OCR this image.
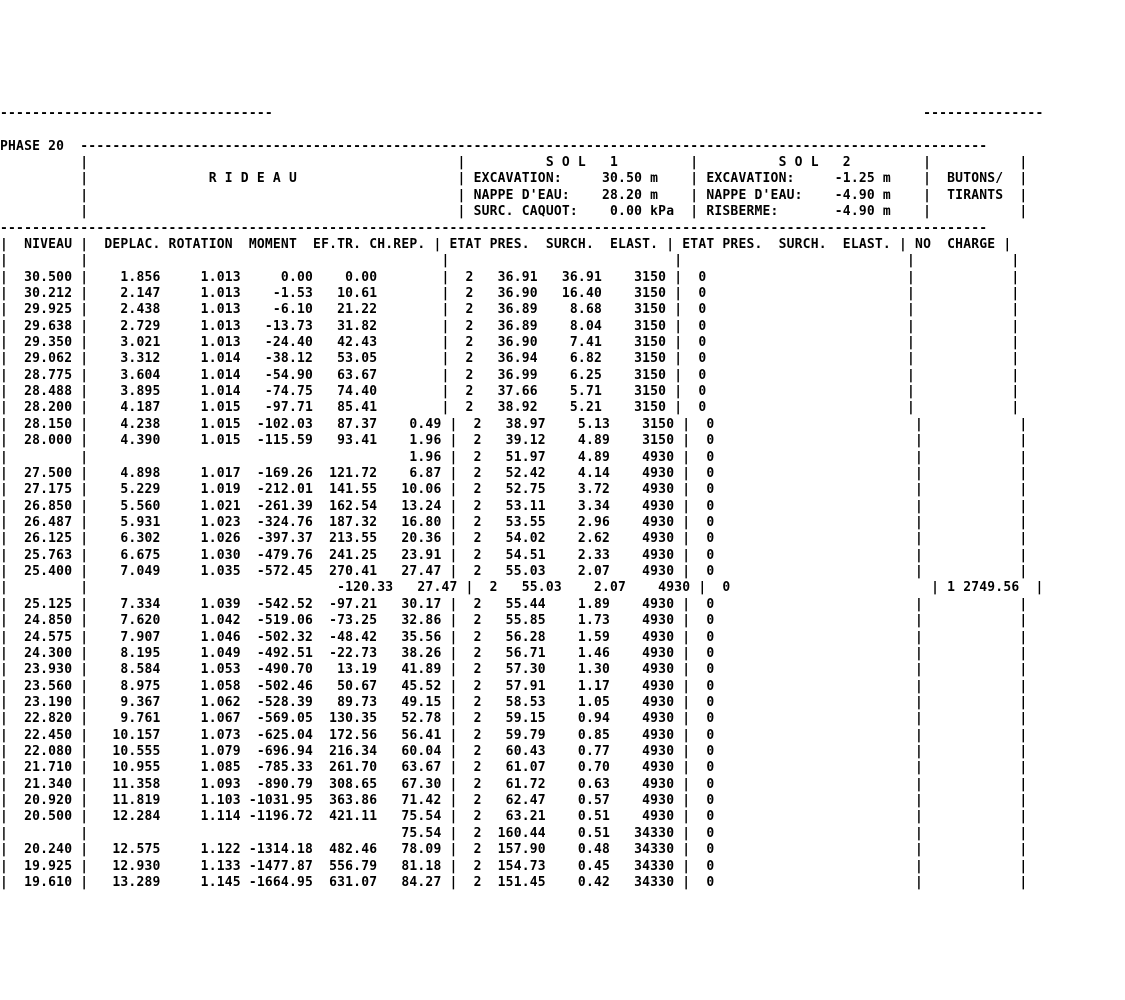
----------------------------------                                                                                 ---------------

PHASE 20  -----------------------------------------------------------------------------------------------------------------
|                                              |          S O L   1         |          S O L   2         |           |
|               R I D E A U                    | EXCAVATION:     30.50 m    | EXCAVATION:     -1.25 m    |  BUTONS/  |
|                                              | NAPPE D'EAU:    28.20 m    | NAPPE D'EAU:    -4.90 m    |  TIRANTS  |
|                                              | SURC. CAQUOT:    0.00 kPa  | RISBERME:       -4.90 m    |           |
---------------------------------------------------------------------------------------------------------------------------
|  NIVEAU |  DEPLAC. ROTATION  MOMENT  EF.TR. CH.REP. | ETAT PRES.  SURCH.  ELAST. | ETAT PRES.  SURCH.  ELAST. | NO  CHARGE |
|         |                                            |                            |                            |            |
|  30.500 |    1.856     1.013     0.00    0.00        |  2   36.91   36.91    3150 |  0                         |            |
|  30.212 |    2.147     1.013    -1.53   10.61        |  2   36.90   16.40    3150 |  0                         |            |
|  29.925 |    2.438     1.013    -6.10   21.22        |  2   36.89    8.68    3150 |  0                         |            |
|  29.638 |    2.729     1.013   -13.73   31.82        |  2   36.89    8.04    3150 |  0                         |            |
|  29.350 |    3.021     1.013   -24.40   42.43        |  2   36.90    7.41    3150 |  0                         |            |
|  29.062 |    3.312     1.014   -38.12   53.05        |  2   36.94    6.82    3150 |  0                         |            |
|  28.775 |    3.604     1.014   -54.90   63.67        |  2   36.99    6.25    3150 |  0                         |            |
|  28.488 |    3.895     1.014   -74.75   74.40        |  2   37.66    5.71    3150 |  0                         |            |
|  28.200 |    4.187     1.015   -97.71   85.41        |  2   38.92    5.21    3150 |  0                         |            |
|  28.150 |    4.238     1.015  -102.03   87.37    0.49 |  2   38.97    5.13    3150 |  0                         |            |
|  28.000 |    4.390     1.015  -115.59   93.41    1.96 |  2   39.12    4.89    3150 |  0                         |            |
|         |                                        1.96 |  2   51.97    4.89    4930 |  0                         |            |
|  27.500 |    4.898     1.017  -169.26  121.72    6.87 |  2   52.42    4.14    4930 |  0                         |            |
|  27.175 |    5.229     1.019  -212.01  141.55   10.06 |  2   52.75    3.72    4930 |  0                         |            |
|  26.850 |    5.560     1.021  -261.39  162.54   13.24 |  2   53.11    3.34    4930 |  0                         |            |
|  26.487 |    5.931     1.023  -324.76  187.32   16.80 |  2   53.55    2.96    4930 |  0                         |            |
|  26.125 |    6.302     1.026  -397.37  213.55   20.36 |  2   54.02    2.62    4930 |  0                         |            |
|  25.763 |    6.675     1.030  -479.76  241.25   23.91 |  2   54.51    2.33    4930 |  0                         |            |
|  25.400 |    7.049     1.035  -572.45  270.41   27.47 |  2   55.03    2.07    4930 |  0                         |            |
|         |                               -120.33   27.47 |  2   55.03    2.07    4930 |  0                         | 1 2749.56  |
|  25.125 |    7.334     1.039  -542.52  -97.21   30.17 |  2   55.44    1.89    4930 |  0                         |            |
|  24.850 |    7.620     1.042  -519.06  -73.25   32.86 |  2   55.85    1.73    4930 |  0                         |            |
|  24.575 |    7.907     1.046  -502.32  -48.42   35.56 |  2   56.28    1.59    4930 |  0                         |            |
|  24.300 |    8.195     1.049  -492.51  -22.73   38.26 |  2   56.71    1.46    4930 |  0                         |            |
|  23.930 |    8.584     1.053  -490.70   13.19   41.89 |  2   57.30    1.30    4930 |  0                         |            |
|  23.560 |    8.975     1.058  -502.46   50.67   45.52 |  2   57.91    1.17    4930 |  0                         |            |
|  23.190 |    9.367     1.062  -528.39   89.73   49.15 |  2   58.53    1.05    4930 |  0                         |            |
|  22.820 |    9.761     1.067  -569.05  130.35   52.78 |  2   59.15    0.94    4930 |  0                         |            |
|  22.450 |   10.157     1.073  -625.04  172.56   56.41 |  2   59.79    0.85    4930 |  0                         |            |
|  22.080 |   10.555     1.079  -696.94  216.34   60.04 |  2   60.43    0.77    4930 |  0                         |            |
|  21.710 |   10.955     1.085  -785.33  261.70   63.67 |  2   61.07    0.70    4930 |  0                         |            |
|  21.340 |   11.358     1.093  -890.79  308.65   67.30 |  2   61.72    0.63    4930 |  0                         |            |
|  20.920 |   11.819     1.103 -1031.95  363.86   71.42 |  2   62.47    0.57    4930 |  0                         |            |
|  20.500 |   12.284     1.114 -1196.72  421.11   75.54 |  2   63.21    0.51    4930 |  0                         |            |
|         |                                       75.54 |  2  160.44    0.51   34330 |  0                         |            |
|  20.240 |   12.575     1.122 -1314.18  482.46   78.09 |  2  157.90    0.48   34330 |  0                         |            |
|  19.925 |   12.930     1.133 -1477.87  556.79   81.18 |  2  154.73    0.45   34330 |  0                         |            |
|  19.610 |   13.289     1.145 -1664.95  631.07   84.27 |  2  151.45    0.42   34330 |  0                         |            |
